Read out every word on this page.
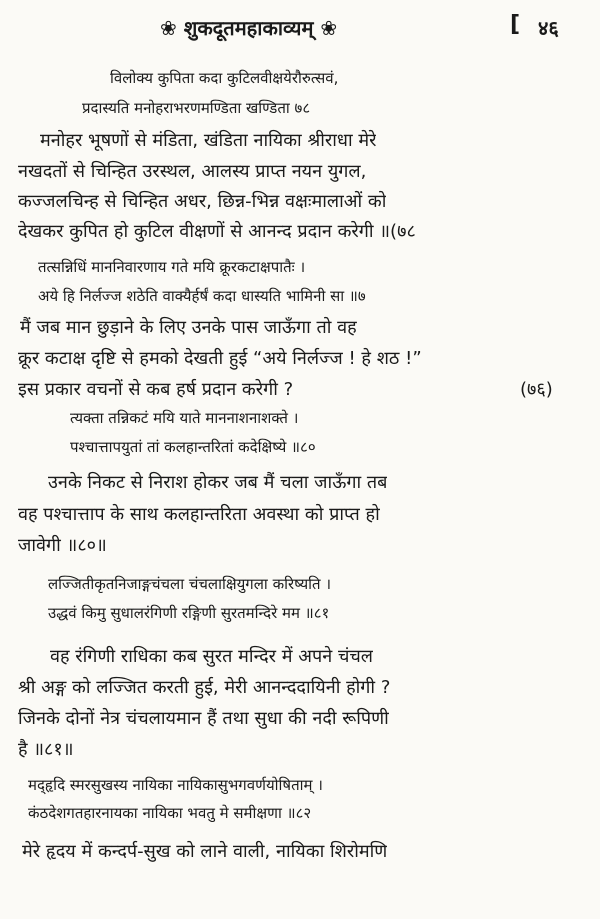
❀ शुकदूतमहाकाव्यम् ❀	[ ४६
विलोक्य कुपिता कदा कुटिलवीक्षयेरौरुत्सवं,
प्रदास्यति मनोहराभरणमण्डिता खण्डिता ७८
मनोहर भूषणों से मंडिता, खंडिता नायिका श्रीराधा मेरे
नखदतों से चिन्हित उरस्थल, आलस्य प्राप्त नयन युगल,
कज्जलचिन्ह से चिन्हित अधर, छिन्न-भिन्न वक्षःमालाओं को
देखकर कुपित हो कुटिल वीक्षणों से आनन्द प्रदान करेगी ॥(७८
तत्सन्निधिं माननिवारणाय गते मयि क्रूरकटाक्षपातैः ।
अये हि निर्लज्ज शठेति वाक्यैर्हर्षं कदा धास्यति भामिनी सा ॥७
मैं जब मान छुड़ाने के लिए उनके पास जाऊँगा तो वह
क्रूर कटाक्ष दृष्टि से हमको देखती हुई “अये निर्लज्ज ! हे शठ !”
इस प्रकार वचनों से कब हर्ष प्रदान करेगी ?	(७६)
त्यक्ता तन्निकटं मयि याते माननाशनाशक्ते ।
पश्चात्तापयुतां तां कलहान्तरितां कदेक्षिष्ये ॥८०
उनके निकट से निराश होकर जब मैं चला जाऊँगा तब
वह पश्चात्ताप के साथ कलहान्तरिता अवस्था को प्राप्त हो
जावेगी ॥८०॥
लज्जितीकृतनिजाङ्गचंचला चंचलाक्षियुगला करिष्यति ।
उद्धवं किमु सुधालरंगिणी रङ्गिणी सुरतमन्दिरे मम ॥८१
वह रंगिणी राधिका कब सुरत मन्दिर में अपने चंचल
श्री अङ्ग को लज्जित करती हुई, मेरी आनन्ददायिनी होगी ?
जिनके दोनों नेत्र चंचलायमान हैं तथा सुधा की नदी रूपिणी
है ॥८१॥
मद्हृदि स्मरसुखस्य नायिका नायिकासुभगवर्णयोषिताम् ।
कंठदेशगतहारनायका नायिका भवतु मे समीक्षणा ॥८२
मेरे हृदय में कन्दर्प-सुख को लाने वाली, नायिका शिरोमणि
